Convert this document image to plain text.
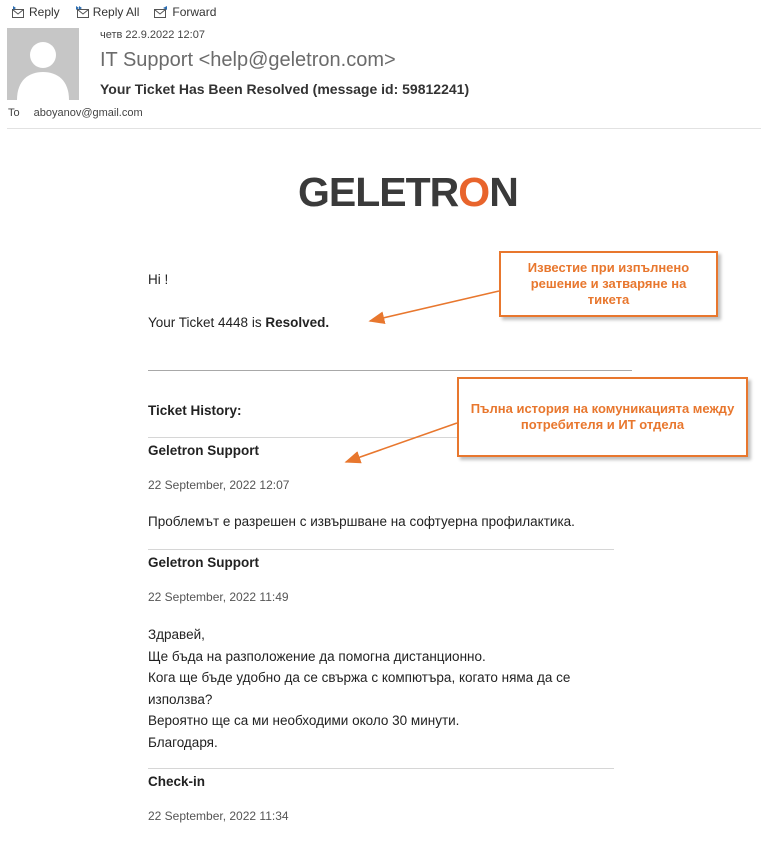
Reply	Reply All	Forward
четв 22.9.2022 12:07
IT Support <help@geletron.com>
Your Ticket Has Been Resolved (message id: 59812241)
To aboyanov@gmail.com
GELETRON
Hi !
Your Ticket 4448 is Resolved.
Ticket History:
Geletron Support
22 September, 2022 12:07
Проблемът е разрешен с извършване на софтуерна профилактика.
Geletron Support
22 September, 2022 11:49
Здравей,
Ще бъда на разположение да помогна дистанционно.
Кога ще бъде удобно да се свържа с компютъра, когато няма да се използва?
Вероятно ще са ми необходими около 30 минути.
Благодаря.
Check-in
22 September, 2022 11:34
Известие при изпълнено решение и затваряне на тикета
Пълна история на комуникацията между потребителя и ИТ отдела
